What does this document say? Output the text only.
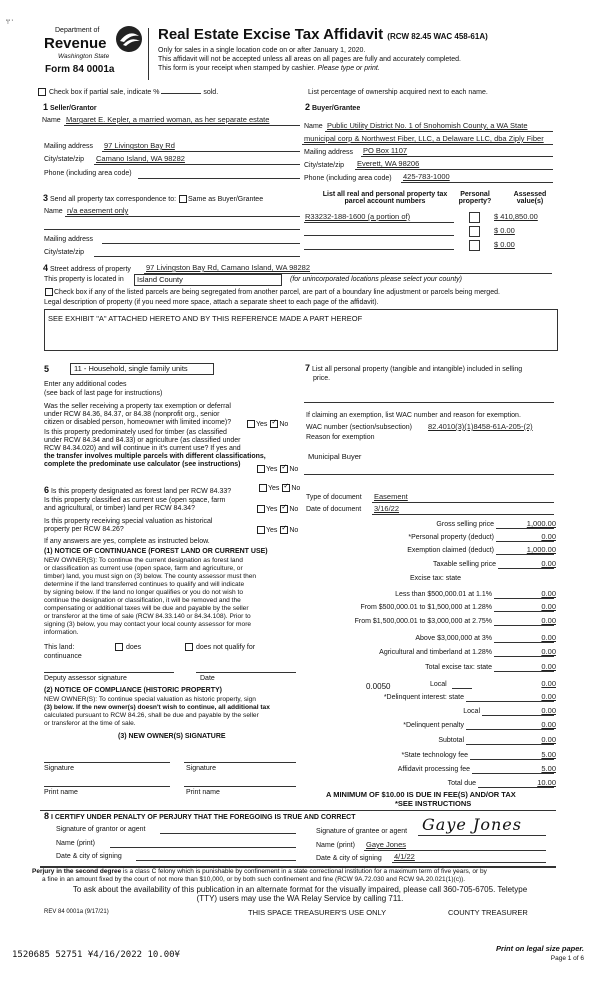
'!' '
Department of
Revenue
Washington State
Form 84 0001a
Real Estate Excise Tax Affidavit (RCW 82.45 WAC 458-61A)
Only for sales in a single location code on or after January 1, 2020.
This affidavit will not be accepted unless all areas on all pages are fully and accurately completed.
This form is your receipt when stamped by cashier. Please type or print.
Check box if partial sale, indicate %	sold.	List percentage of ownership acquired next to each name.
1 Seller/Grantor
Name Margaret E. Kepler, a married woman, as her separate estate
Mailing address 97 Livingston Bay Rd
City/state/zip Camano Island, WA 98282
Phone (including area code)
2 Buyer/Grantee
Name Public Utility District No. 1 of Snohomish County, a WA State
municipal corp & Northwest Fiber, LLC, a Delaware LLC, dba Ziply Fiber
Mailing address PO Box 1107
City/state/zip Everett, WA 98206
Phone (including area code) 425-783-1000
3 Send all property tax correspondence to: Same as Buyer/Grantee
Name n/a easement only
Mailing address
City/state/zip
List all real and personal property tax
parcel account numbers
Personal
property?
Assessed
value(s)
R33232-188-1600 (a portion of)	$ 410,850.00
$ 0.00
$ 0.00
4 Street address of property 97 Livingston Bay Rd, Camano Island, WA 98282
This property is located in Island County	(for unincorporated locations please select your county)
Check box if any of the listed parcels are being segregated from another parcel, are part of a boundary line adjustment or parcels being merged.
Legal description of property (if you need more space, attach a separate sheet to each page of the affidavit).
SEE EXHIBIT "A" ATTACHED HERETO AND BY THIS REFERENCE MADE A PART HEREOF
5	11 - Household, single family units
Enter any additional codes
(see back of last page for instructions)
Was the seller receiving a property tax exemption or deferral
under RCW 84.36, 84.37, or 84.38 (nonprofit org., senior
citizen or disabled person, homeowner with limited income)?	Yes ✓ No
Is this property predominately used for timber (as classified
under RCW 84.34 and 84.33) or agriculture (as classified under
RCW 84.34.020) and will continue in it's current use? If yes and
the transfer involves multiple parcels with different classifications,
complete the predominate use calculator (see instructions)
Yes ✓ No
6 Is this property designated as forest land per RCW 84.33?	Yes ✓ No
Is this property classified as current use (open space, farm
and agricultural, or timber) land per RCW 84.34?	Yes ✓ No
Is this property receiving special valuation as historical
property per RCW 84.26?	Yes ✓ No
If any answers are yes, complete as instructed below.
(1) NOTICE OF CONTINUANCE (FOREST LAND OR CURRENT USE)
NEW OWNER(S): To continue the current designation as forest land
or classification as current use (open space, farm and agriculture, or
timber) land, you must sign on (3) below. The county assessor must then
determine if the land transferred continues to qualify and will indicate
by signing below. If the land no longer qualifies or you do not wish to
continue the designation or classification, it will be removed and the
compensating or additional taxes will be due and payable by the seller
or transferor at the time of sale (RCW 84.33.140 or 84.34.108). Prior to
signing (3) below, you may contact your local county assessor for more
information.
This land:
continuance
does	does not qualify for
Deputy assessor signature	Date
(2) NOTICE OF COMPLIANCE (HISTORIC PROPERTY)
NEW OWNER(S): To continue special valuation as historic property, sign
(3) below. If the new owner(s) doesn't wish to continue, all additional tax
calculated pursuant to RCW 84.26, shall be due and payable by the seller
or transferor at the time of sale.
(3) NEW OWNER(S) SIGNATURE
Signature	Signature
Print name	Print name
7 List all personal property (tangible and intangible) included in selling
price.
If claiming an exemption, list WAC number and reason for exemption.
WAC number (section/subsection) 82.4010(3)(1)8458-61A-205-(2)
Reason for exemption
Municipal Buyer
Type of document Easement
Date of document 3/16/22
Gross selling price	1,000.00
*Personal property (deduct)	0.00
Exemption claimed (deduct)	1,000.00
Taxable selling price	0.00
Less than $500,000.01 at 1.1%	0.00
From $500,000.01 to $1,500,000 at 1.28%	0.00
From $1,500,000.01 to $3,000,000 at 2.75%	0.00
Above $3,000,000 at 3%	0.00
Agricultural and timberland at 1.28%	0.00
Total excise tax: state	0.00
*Delinquent interest: state	0.00
Local	0.00
*Delinquent penalty	0.00
Subtotal	0.00
*State technology fee	5.00
Affidavit processing fee	5.00
Total due	10.00
Excise tax: state
0.0050	Local	0.00
A MINIMUM OF $10.00 IS DUE IN FEE(S) AND/OR TAX
*SEE INSTRUCTIONS
8 I CERTIFY UNDER PENALTY OF PERJURY THAT THE FOREGOING IS TRUE AND CORRECT
Signature of grantor or agent
Name (print)
Date & city of signing
Signature of grantee or agent Gaye Jones
Name (print) Gaye Jones
Date & city of signing 4/1/22
Perjury in the second degree is a class C felony which is punishable by confinement in a state correctional institution for a maximum term of five years, or by
a fine in an amount fixed by the court of not more than $10,000, or by both such confinement and fine (RCW 9A.72.030 and RCW 9A.20.021(1)(c)).
To ask about the availability of this publication in an alternate format for the visually impaired, please call 360-705-6705. Teletype
(TTY) users may use the WA Relay Service by calling 711.
REV 84 0001a (9/17/21)	THIS SPACE TREASURER'S USE ONLY	COUNTY TREASURER
1520685 52751 ¥4/16/2022 10.00¥
Print on legal size paper.
Page 1 of 6
